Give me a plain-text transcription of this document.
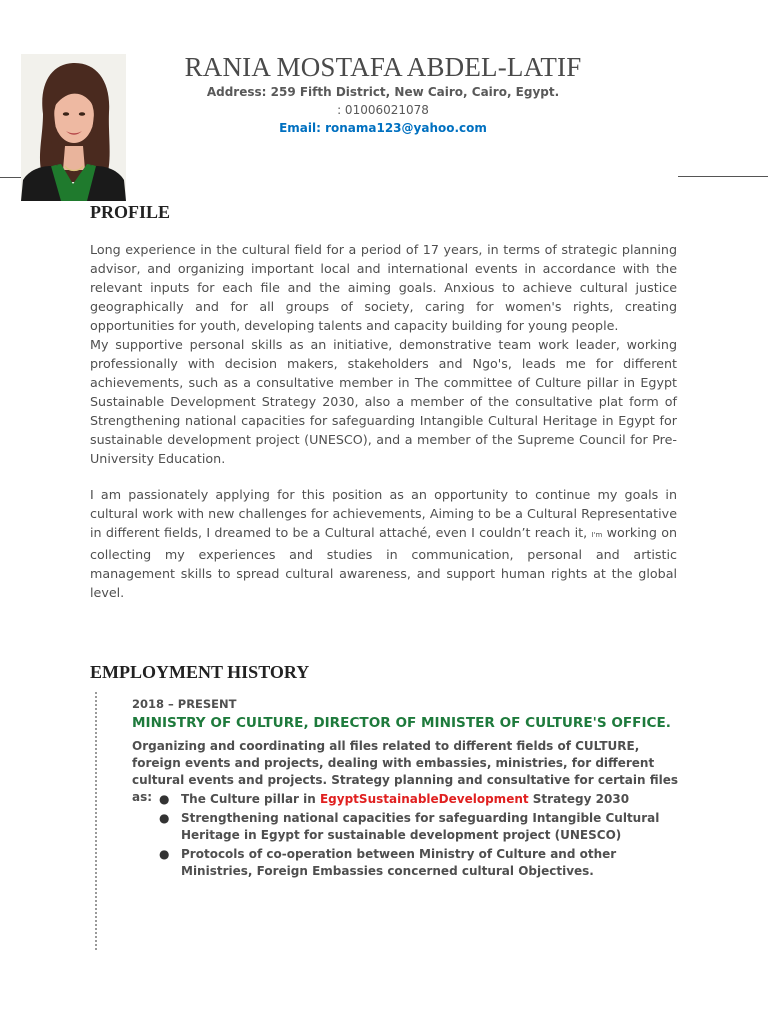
RANIA MOSTAFA ABDEL-LATIF
Address: 259 Fifth District, New Cairo, Cairo, Egypt.
: 01006021078
Email: ronama123@yahoo.com
PROFILE

Long experience in the cultural field for a period of 17 years, in terms of strategic planning advisor, and organizing important local and international events in accordance with the relevant inputs for each file and the aiming goals. Anxious to achieve cultural justice geographically and for all groups of society, caring for women's rights, creating opportunities for youth, developing talents and capacity building for young people.

My supportive personal skills as an initiative, demonstrative team work leader, working professionally with decision makers, stakeholders and Ngo's, leads me for different achievements, such as a consultative member in The committee of Culture pillar in Egypt Sustainable Development Strategy 2030, also a member of the consultative plat form of Strengthening national capacities for safeguarding Intangible Cultural Heritage in Egypt for sustainable development project (UNESCO), and a member of the Supreme Council for Pre-University Education.

I am passionately applying for this position as an opportunity to continue my goals in cultural work with new challenges for achievements, Aiming to be a Cultural Representative in different fields, I dreamed to be a Cultural attaché, even I couldn’t reach it, I'm working on collecting my experiences and studies in communication, personal and artistic management skills to spread cultural awareness, and support human rights at the global level.

EMPLOYMENT HISTORY
2018 – PRESENT
MINISTRY OF CULTURE, DIRECTOR OF MINISTER OF CULTURE'S OFFICE.

Organizing and coordinating all files related to different fields of CULTURE, foreign events and projects, dealing with embassies, ministries, for different cultural events and projects. Strategy planning and consultative for certain files as: ● The Culture pillar in EgyptSustainableDevelopment Strategy 2030
● Strengthening national capacities for safeguarding Intangible Cultural Heritage in Egypt for sustainable development project (UNESCO)
● Protocols of co-operation between Ministry of Culture and other Ministries, Foreign Embassies concerned cultural Objectives.
